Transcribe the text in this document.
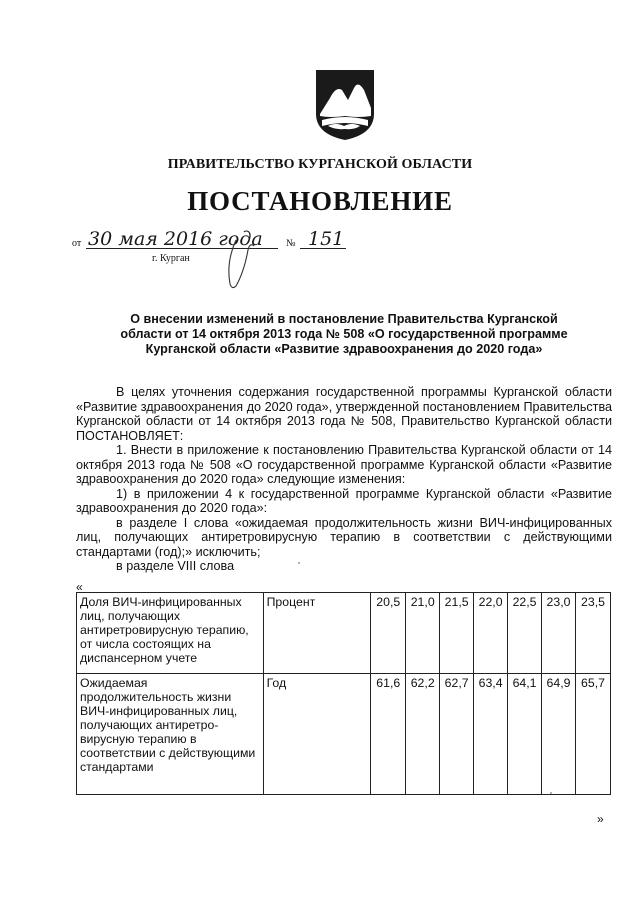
ПРАВИТЕЛЬСТВО КУРГАНСКОЙ ОБЛАСТИ
ПОСТАНОВЛЕНИЕ
от 30 мая 2016 года № 151
г. Курган
О внесении изменений в постановление Правительства Курганской
области от 14 октября 2013 года № 508 «О государственной программе
Курганской области «Развитие здравоохранения до 2020 года»

В целях уточнения содержания государственной программы Курганской области «Развитие здравоохранения до 2020 года», утвержденной постановлением Правительства Курганской области от 14 октября 2013 года № 508, Правительство Курганской области ПОСТАНОВЛЯЕТ:

1. Внести в приложение к постановлению Правительства Курганской области от 14 октября 2013 года № 508 «О государственной программе Курганской области «Развитие здравоохранения до 2020 года» следующие изменения:

1) в приложении 4 к государственной программе Курганской области «Развитие здравоохранения до 2020 года»:

в разделе I слова «ожидаемая продолжительность жизни ВИЧ-инфицированных лиц, получающих антиретровирусную терапию в соответствии с действующими стандартами (год);» исключить;

в разделе VIII слова

«
Доля ВИЧ-инфицированных лиц, получающих антиретровирусную терапию, от числа состоящих на диспансерном учете	Процент	20,5	21,0	21,5	22,0	22,5	23,0	23,5
Ожидаемая продолжительность жизни ВИЧ-инфицированных лиц, получающих антиретро-вирусную терапию в соответствии с действующими стандартами	Год	61,6	62,2	62,7	63,4	64,1	64,9	65,7
»
